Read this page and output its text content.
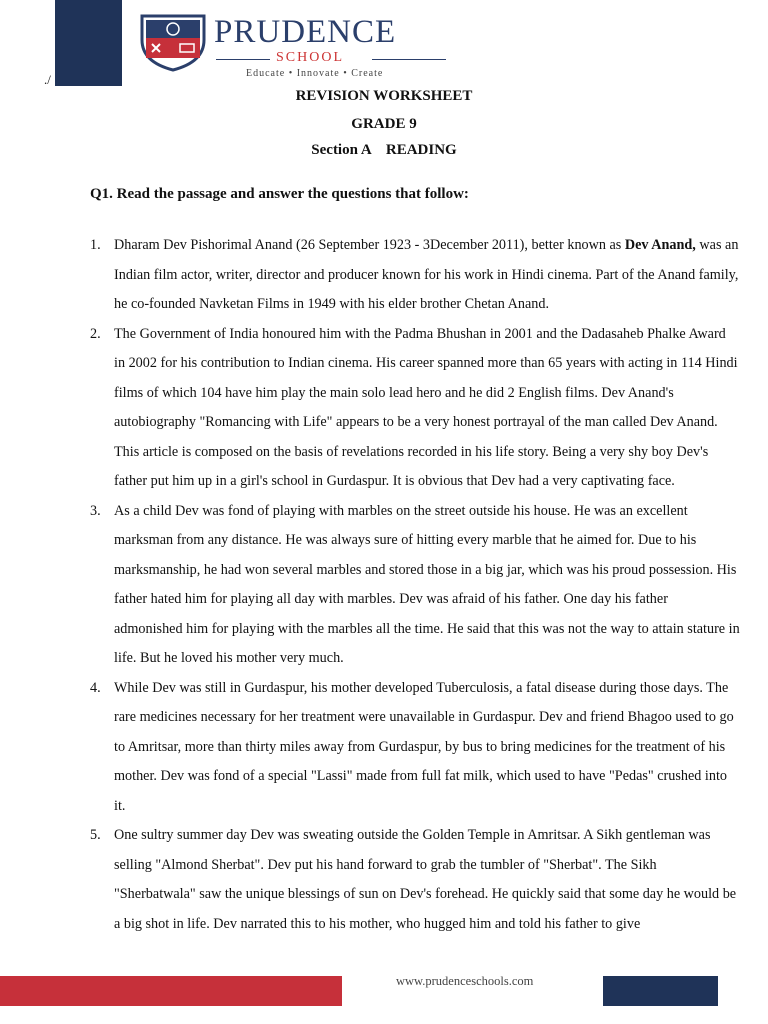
./
PRUDENCE
SCHOOL
Educate • Innovate • Create
REVISION WORKSHEET
GRADE 9
Section A    READING
Q1. Read the passage and answer the questions that follow:

1. Dharam Dev Pishorimal Anand (26 September 1923 - 3December 2011), better known as Dev Anand, was an Indian film actor, writer, director and producer known for his work in Hindi cinema. Part of the Anand family, he co-founded Navketan Films in 1949 with his elder brother Chetan Anand.

2. The Government of India honoured him with the Padma Bhushan in 2001 and the Dadasaheb Phalke Award in 2002 for his contribution to Indian cinema. His career spanned more than 65 years with acting in 114 Hindi films of which 104 have him play the main solo lead hero and he did 2 English films. Dev Anand's autobiography "Romancing with Life" appears to be a very honest portrayal of the man called Dev Anand. This article is composed on the basis of revelations recorded in his life story. Being a very shy boy Dev's father put him up in a girl's school in Gurdaspur. It is obvious that Dev had a very captivating face.

3. As a child Dev was fond of playing with marbles on the street outside his house. He was an excellent marksman from any distance. He was always sure of hitting every marble that he aimed for. Due to his marksmanship, he had won several marbles and stored those in a big jar, which was his proud possession. His father hated him for playing all day with marbles. Dev was afraid of his father. One day his father admonished him for playing with the marbles all the time. He said that this was not the way to attain stature in life. But he loved his mother very much.

4. While Dev was still in Gurdaspur, his mother developed Tuberculosis, a fatal disease during those days. The rare medicines necessary for her treatment were unavailable in Gurdaspur. Dev and friend Bhagoo used to go to Amritsar, more than thirty miles away from Gurdaspur, by bus to bring medicines for the treatment of his mother. Dev was fond of a special "Lassi" made from full fat milk, which used to have "Pedas" crushed into it.

5. One sultry summer day Dev was sweating outside the Golden Temple in Amritsar. A Sikh gentleman was selling "Almond Sherbat". Dev put his hand forward to grab the tumbler of "Sherbat". The Sikh "Sherbatwala" saw the unique blessings of sun on Dev's forehead. He quickly said that some day he would be a big shot in life. Dev narrated this to his mother, who hugged him and told his father to give

www.prudenceschools.com
